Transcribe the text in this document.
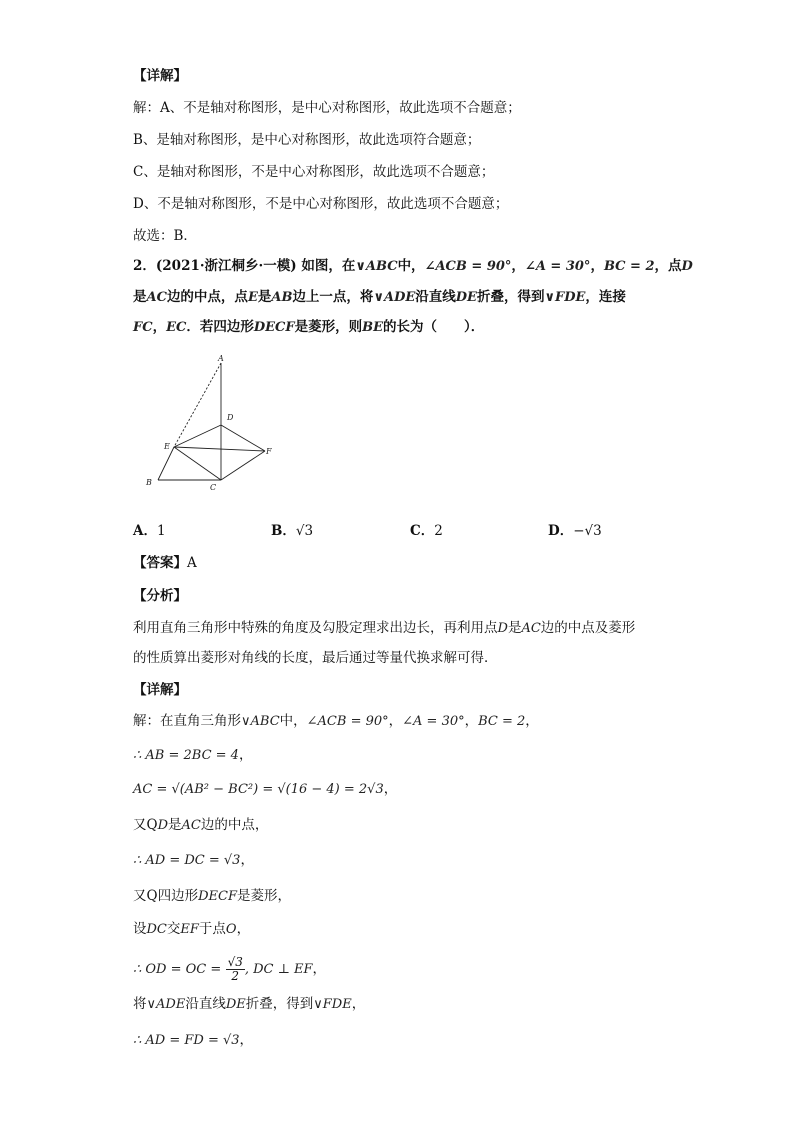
【详解】
解：A、不是轴对称图形，是中心对称图形，故此选项不合题意；
B、是轴对称图形，是中心对称图形，故此选项符合题意；
C、是轴对称图形，不是中心对称图形，故此选项不合题意；
D、不是轴对称图形，不是中心对称图形，故此选项不合题意；
故选：B．
2．(2021·浙江桐乡·一模) 如图，在∨ABC中，∠ACB = 90°，∠A = 30°，BC = 2，点D
是AC边的中点，点E是AB边上一点，将∨ADE沿直线DE折叠，得到∨FDE，连接
FC，EC．若四边形DECF是菱形，则BE的长为（　　）．
A
D
E
F
B
C
A．1	B．√3	C．2	D．−√3
【答案】A
【分析】
利用直角三角形中特殊的角度及勾股定理求出边长，再利用点D是AC边的中点及菱形
的性质算出菱形对角线的长度，最后通过等量代换求解可得．
【详解】
解：在直角三角形∨ABC中，∠ACB = 90°，∠A = 30°，BC = 2，
∴ AB = 2BC = 4，
AC = √(AB² − BC²) = √(16 − 4) = 2√3，
又QD是AC边的中点，
∴ AD = DC = √3，
又Q四边形DECF是菱形，
设DC交EF于点O，
∴ OD = OC = $\frac{√3}{2}$ , DC ⊥ EF，
将∨ADE沿直线DE折叠，得到∨FDE，
∴ AD = FD = √3，
